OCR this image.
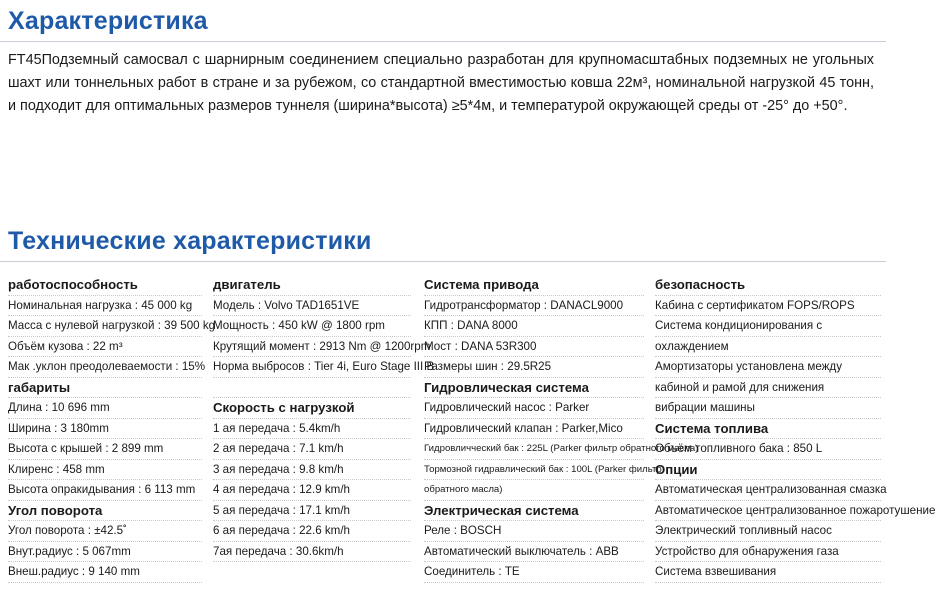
Характеристика

FT45Подземный самосвал с шарнирным соединением специально разработан для крупномасштабных подземных не угольных шахт или тоннельных работ в стране и за рубежом, со стандартной вместимостью ковша 22м³, номинальной нагрузкой 45 тонн, и подходит для оптимальных размеров туннеля (ширина*высота) ≥5*4м, и температурой окружающей среды от -25° до +50°.

Технические характеристики
работоспособность
Номинальная нагрузка : 45 000 kg
Масса с нулевой нагрузкой : 39 500 kg
Объём кузова : 22 m³
Мак .уклон преодолеваемости : 15%
габариты
Длина : 10 696 mm
Ширина : 3 180mm
Высота с крышей : 2 899 mm
Клиренс : 458 mm
Высота опракидывания : 6 113 mm
Угол поворота
Угол поворота : ±42.5˚
Внут.радиус : 5 067mm
Внеш.радиус : 9 140 mm
двигатель
Модель : Volvo TAD1651VE
Мощность : 450 kW @ 1800 rpm
Крутящий момент : 2913 Nm @ 1200rpm
Норма выбросов : Tier 4i, Euro Stage III B
Скорость с нагрузкой
1 ая передача : 5.4km/h
2 ая передача : 7.1 km/h
3 ая передача : 9.8 km/h
4 ая передача : 12.9 km/h
5 ая передача : 17.1 km/h
6 ая передача : 22.6 km/h
7ая передача : 30.6km/h
Система привода
Гидротрансформатор : DANACL9000
КПП : DANA 8000
Мост : DANA 53R300
Размеры шин : 29.5R25
Гидровлическая система
Гидровлический насос : Parker
Гидровлический клапан : Parker,Mico
Гидровличческий бак : 225L (Parker фильтр обратного масла)
Тормозной гидравлический бак : 100L (Parker фильтр
обратного масла)
Электрическая система
Реле : BOSCH
Автоматический выключатель : ABB
Соединитель : TE
безопасность
Кабина с сертификатом FOPS/ROPS
Система кондиционирования с
охлаждением
Амортизаторы установлена между
кабиной и рамой для снижения
вибрации машины
Система топлива
Объём топливного бака : 850 L
Опции
Автоматическая централизованная смазка
Автоматическое централизованное пожаротушение
Электрический топливный насос
Устройство для обнаружения газа
Система взвешивания
